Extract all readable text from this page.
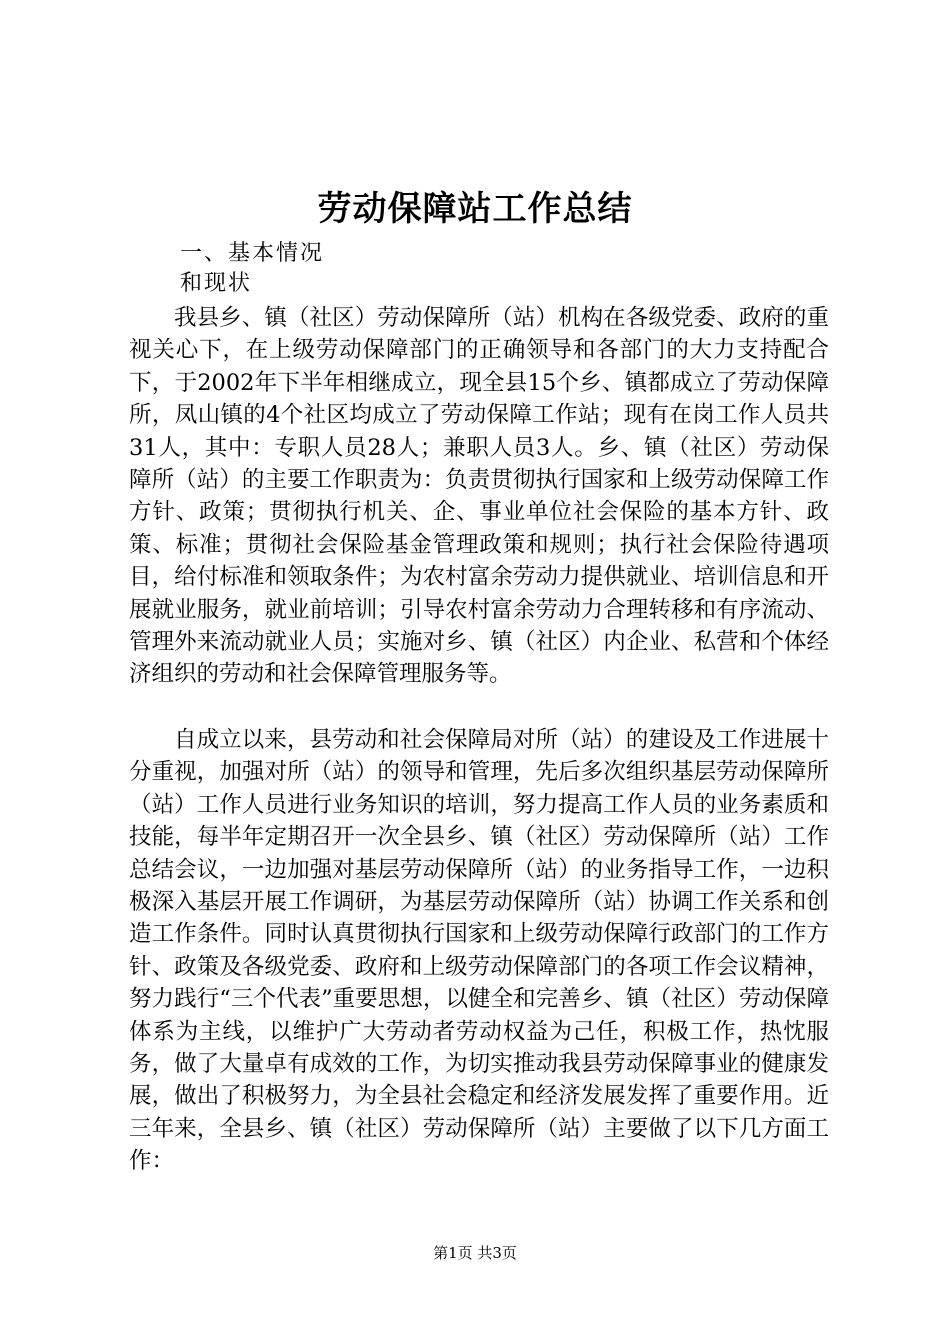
劳动保障站工作总结

一、基本情况

和现状

我县乡、镇（社区）劳动保障所（站）机构在各级党委、政府的重视关心下，在上级劳动保障部门的正确领导和各部门的大力支持配合下，于2002年下半年相继成立，现全县15个乡、镇都成立了劳动保障所，凤山镇的4个社区均成立了劳动保障工作站；现有在岗工作人员共31人，其中：专职人员28人；兼职人员3人。乡、镇（社区）劳动保障所（站）的主要工作职责为：负责贯彻执行国家和上级劳动保障工作方针、政策；贯彻执行机关、企、事业单位社会保险的基本方针、政策、标准；贯彻社会保险基金管理政策和规则；执行社会保险待遇项目，给付标准和领取条件；为农村富余劳动力提供就业、培训信息和开展就业服务，就业前培训；引导农村富余劳动力合理转移和有序流动、管理外来流动就业人员；实施对乡、镇（社区）内企业、私营和个体经济组织的劳动和社会保障管理服务等。

自成立以来，县劳动和社会保障局对所（站）的建设及工作进展十分重视，加强对所（站）的领导和管理，先后多次组织基层劳动保障所（站）工作人员进行业务知识的培训，努力提高工作人员的业务素质和技能，每半年定期召开一次全县乡、镇（社区）劳动保障所（站）工作总结会议，一边加强对基层劳动保障所（站）的业务指导工作，一边积极深入基层开展工作调研，为基层劳动保障所（站）协调工作关系和创造工作条件。同时认真贯彻执行国家和上级劳动保障行政部门的工作方针、政策及各级党委、政府和上级劳动保障部门的各项工作会议精神，努力践行“三个代表”重要思想，以健全和完善乡、镇（社区）劳动保障体系为主线，以维护广大劳动者劳动权益为己任，积极工作，热忱服务，做了大量卓有成效的工作，为切实推动我县劳动保障事业的健康发展，做出了积极努力，为全县社会稳定和经济发展发挥了重要作用。近三年来，全县乡、镇（社区）劳动保障所（站）主要做了以下几方面工作：

第1页 共3页
